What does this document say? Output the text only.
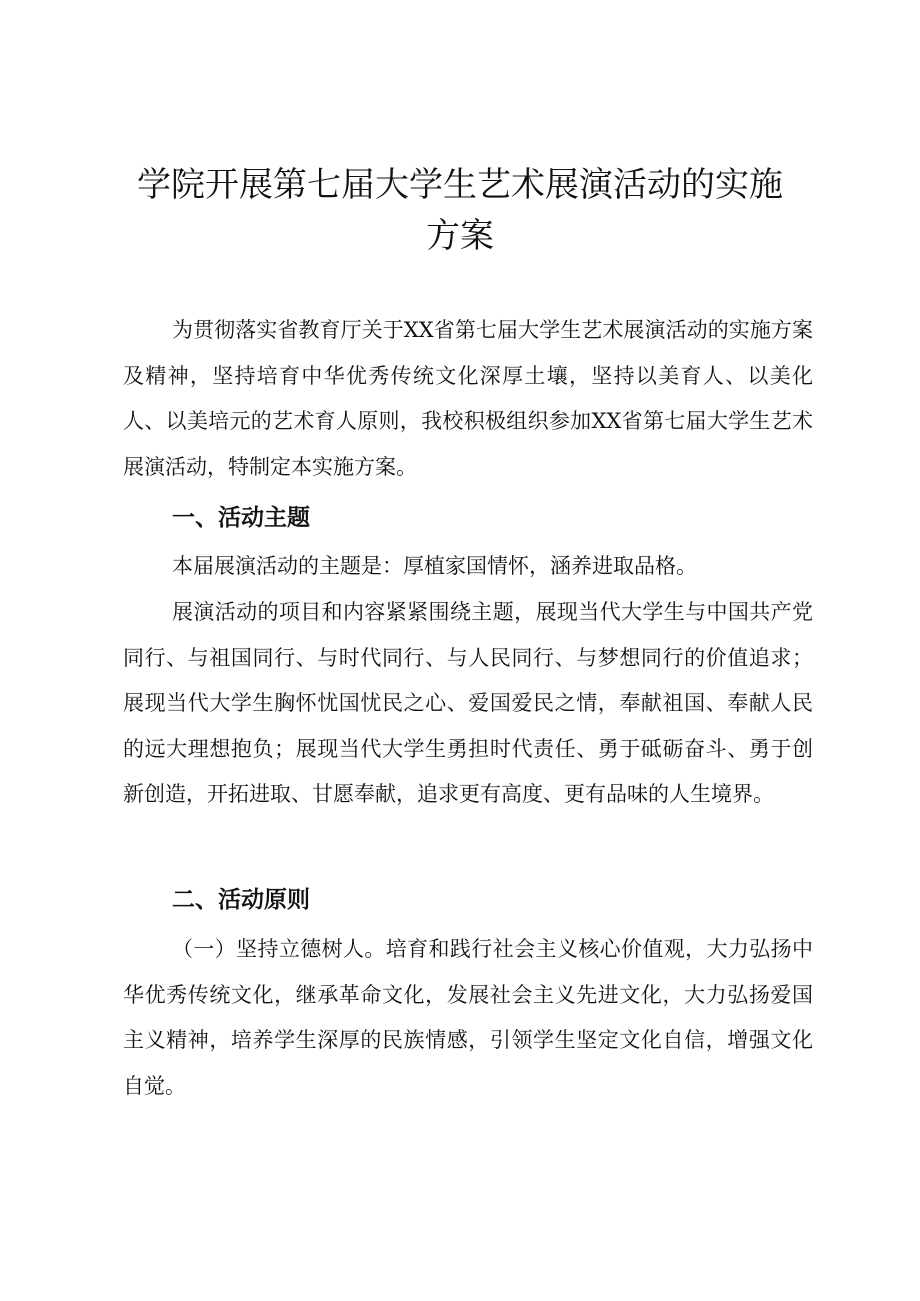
学院开展第七届大学生艺术展演活动的实施
方案

为贯彻落实省教育厅关于XX省第七届大学生艺术展演活动的实施方案及精神，坚持培育中华优秀传统文化深厚土壤，坚持以美育人、以美化人、以美培元的艺术育人原则，我校积极组织参加XX省第七届大学生艺术展演活动，特制定本实施方案。

一、活动主题

本届展演活动的主题是：厚植家国情怀，涵养进取品格。

展演活动的项目和内容紧紧围绕主题，展现当代大学生与中国共产党同行、与祖国同行、与时代同行、与人民同行、与梦想同行的价值追求；展现当代大学生胸怀忧国忧民之心、爱国爱民之情，奉献祖国、奉献人民的远大理想抱负；展现当代大学生勇担时代责任、勇于砥砺奋斗、勇于创新创造，开拓进取、甘愿奉献，追求更有高度、更有品味的人生境界。

二、活动原则

（一）坚持立德树人。培育和践行社会主义核心价值观，大力弘扬中华优秀传统文化，继承革命文化，发展社会主义先进文化，大力弘扬爱国主义精神，培养学生深厚的民族情感，引领学生坚定文化自信，增强文化自觉。
